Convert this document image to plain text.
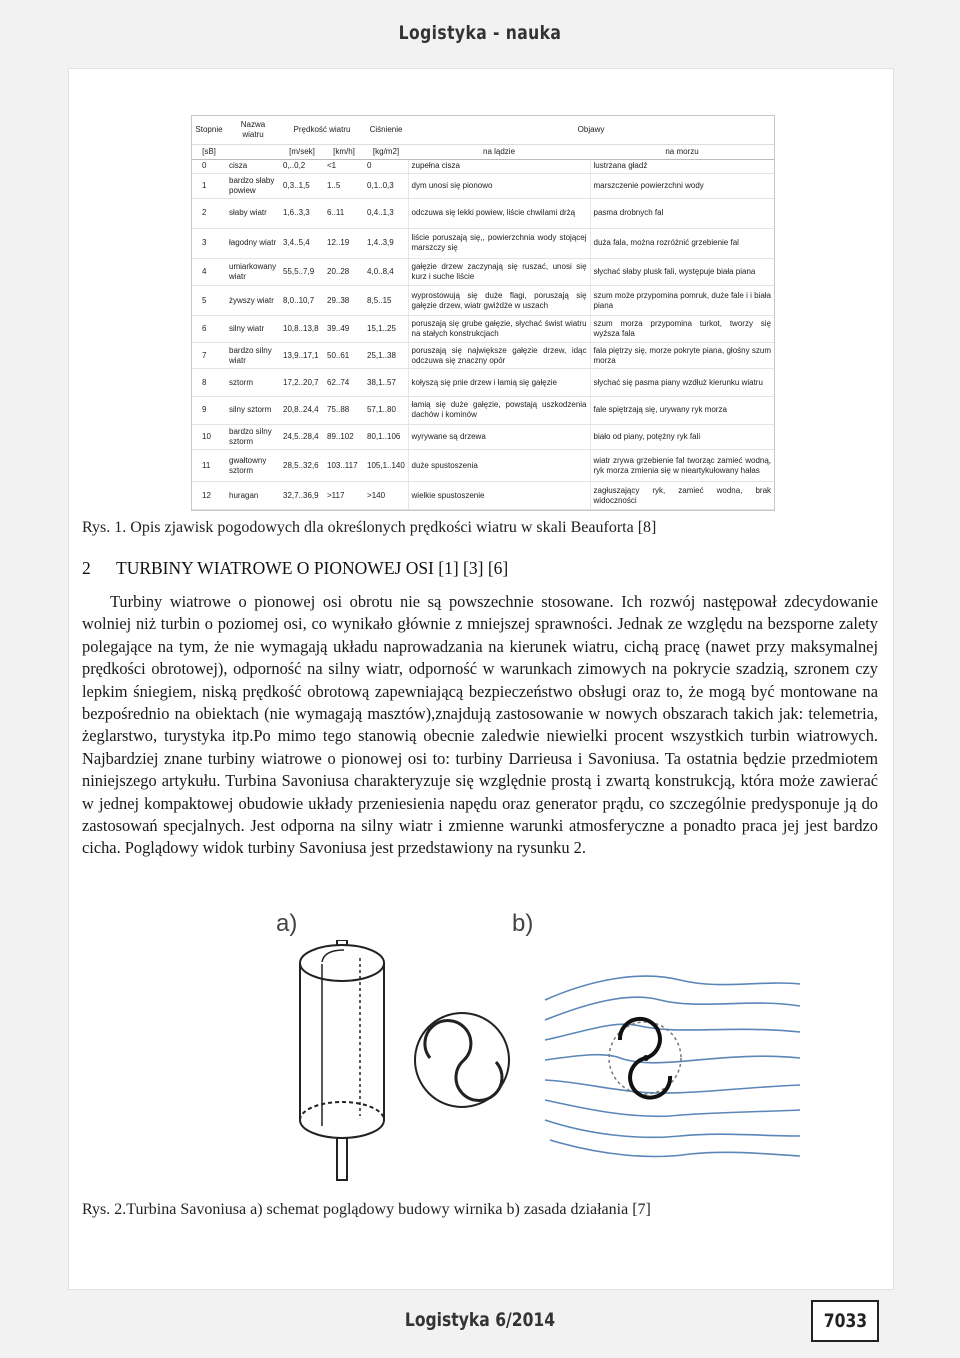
Logistyka - nauka
Stopnie	Nazwa wiatru	Prędkość wiatru		Ciśnienie	Objawy	
[sB]		[m/sek]	[km/h]	[kg/m2]	na lądzie	na morzu
0	cisza	0,..0,2	<1	0	zupełna cisza	lustrzana gładź
1	bardzo słaby powiew	0,3..1,5	1..5	0,1..0,3	dym unosi się pionowo	marszczenie powierzchni wody
2	słaby wiatr	1,6..3,3	6..11	0,4..1,3	odczuwa się lekki powiew, liście chwilami drżą	pasma drobnych fal
3	łagodny wiatr	3,4..5,4	12..19	1,4..3,9	liście poruszają się,, powierzchnia wody stojącej marszczy się	duża fala, można rozróżnić grzebienie fal
4	umiarkowany wiatr	55,5..7,9	20..28	4,0..8,4	gałęzie drzew zaczynają się ruszać, unosi się kurz i suche liście	słychać słaby plusk fali, występuje biała piana
5	żywszy wiatr	8,0..10,7	29..38	8,5..15	wyprostowują się duże flagi, poruszają się gałęzie drzew, wiatr gwiżdże w uszach	szum może przypomina pomruk, duże fale i i biała piana
6	silny wiatr	10,8..13,8	39..49	15,1..25	poruszają się grube gałęzie, słychać świst wiatru na stałych konstrukcjach	szum morza przypomina turkot, tworzy się wyższa fala
7	bardzo silny wiatr	13,9..17,1	50..61	25,1..38	poruszają się największe gałęzie drzew, idąc odczuwa się znaczny opór	fala piętrzy się, morze pokryte piana, głośny szum morza
8	sztorm	17,2..20,7	62..74	38,1..57	kołyszą się pnie drzew i łamią się gałęzie	słychać się pasma piany wzdłuż kierunku wiatru
9	silny sztorm	20,8..24,4	75..88	57,1..80	łamią się duże gałęzie, powstają uszkodzenia dachów i kominów	fale spiętrzają się, urywany ryk morza
10	bardzo silny sztorm	24,5..28,4	89..102	80,1..106	wyrywane są drzewa	biało od piany, potężny ryk fali
11	gwałtowny sztorm	28,5..32,6	103..117	105,1..140	duże spustoszenia	wiatr zrywa grzebienie fal tworząc zamieć wodną, ryk morza zmienia się w nieartykułowany hałas
12	huragan	32,7..36,9	>117	>140	wielkie spustoszenie	zagłuszający ryk, zamieć wodna, brak widoczności
Rys. 1. Opis zjawisk pogodowych dla określonych prędkości wiatru w skali Beauforta [8]
2 TURBINY WIATROWE O PIONOWEJ OSI [1] [3] [6]
Turbiny wiatrowe o pionowej osi obrotu nie są powszechnie stosowane. Ich rozwój następował zdecydowanie wolniej niż turbin o poziomej osi, co wynikało głównie z mniejszej sprawności. Jednak ze względu na bezsporne zalety polegające na tym, że nie wymagają układu naprowadzania na kierunek wiatru, cichą pracę (nawet przy maksymalnej prędkości obrotowej), odporność na silny wiatr, odporność w warunkach zimowych na pokrycie szadzią, szronem czy lepkim śniegiem, niską prędkość obrotową zapewniającą bezpieczeństwo obsługi oraz to, że mogą być montowane na bezpośrednio na obiektach (nie wymagają masztów),znajdują zastosowanie w nowych obszarach takich jak: telemetria, żeglarstwo, turystyka itp.Po mimo tego stanowią obecnie zaledwie niewielki procent wszystkich turbin wiatrowych. Najbardziej znane turbiny wiatrowe o pionowej osi to: turbiny Darrieusa i Savoniusa. Ta ostatnia będzie przedmiotem niniejszego artykułu. Turbina Savoniusa charakteryzuje się względnie prostą i zwartą konstrukcją, która może zawierać w jednej kompaktowej obudowie układy przeniesienia napędu oraz generator prądu, co szczególnie predysponuje ją do zastosowań specjalnych. Jest odporna na silny wiatr i zmienne warunki atmosferyczne a ponadto praca jej jest bardzo cicha. Poglądowy widok turbiny Savoniusa jest przedstawiony na rysunku 2.
a)	b)
Rys. 2.Turbina Savoniusa a) schemat poglądowy budowy wirnika b) zasada działania [7]
Logistyka 6/2014	7033
